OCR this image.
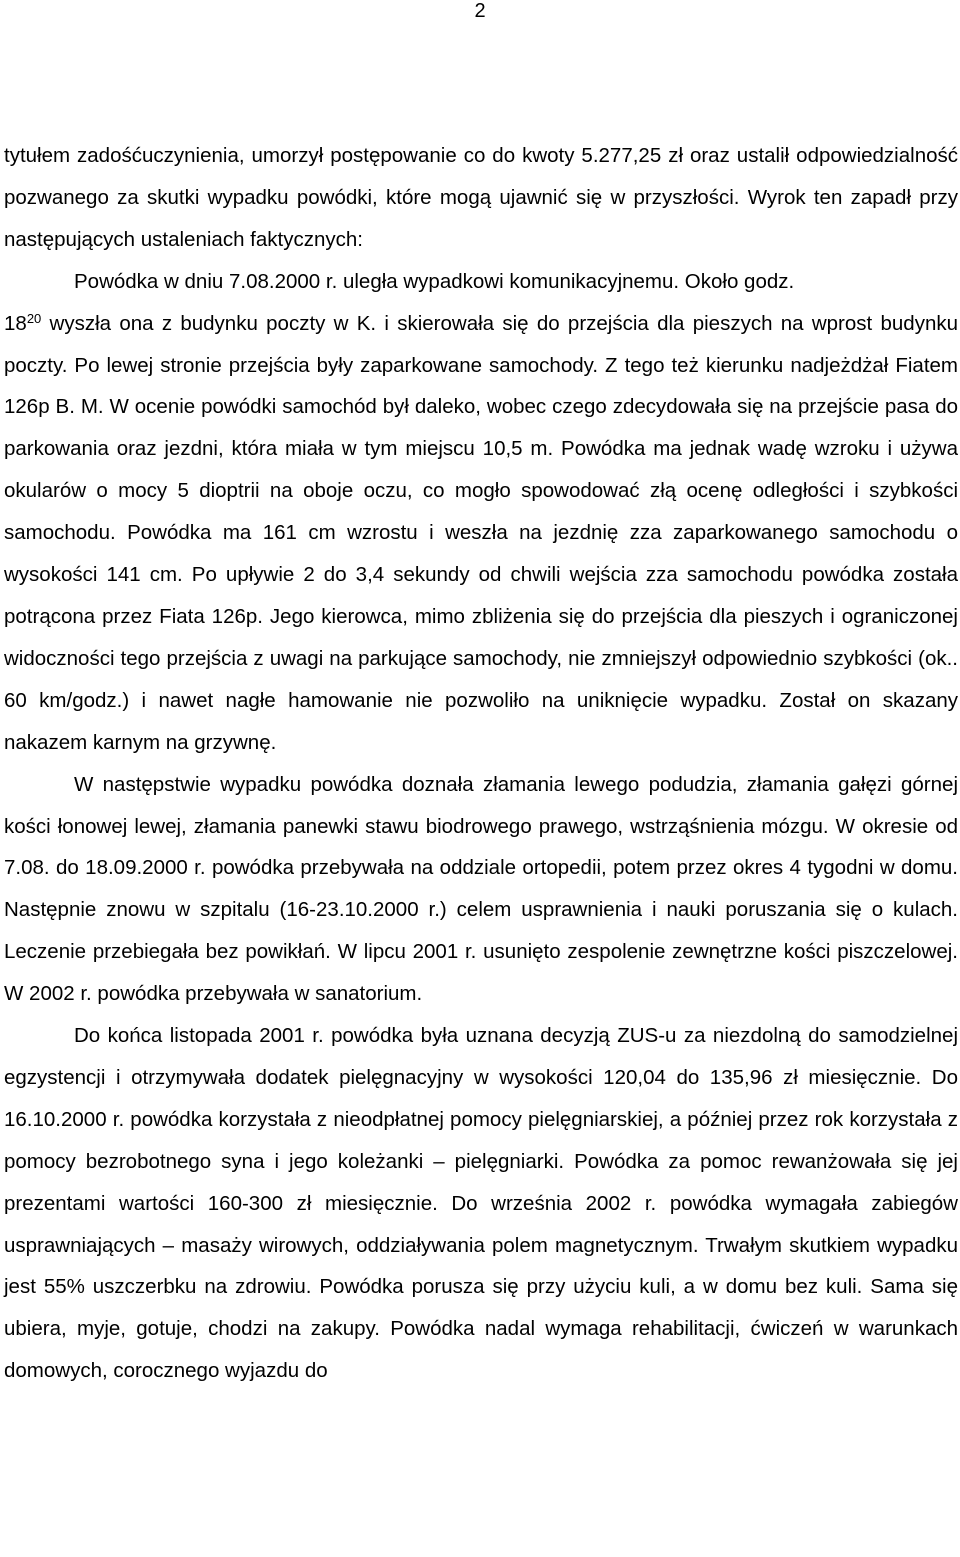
2

tytułem zadośćuczynienia, umorzył postępowanie co do kwoty 5.277,25 zł oraz ustalił odpowiedzialność pozwanego za skutki wypadku powódki, które mogą ujawnić się w przyszłości. Wyrok ten zapadł przy następujących ustaleniach faktycznych:

Powódka w dniu 7.08.2000 r. uległa wypadkowi komunikacyjnemu. Około godz.

$18^{20}$ wyszła ona z budynku poczty w K. i skierowała się do przejścia dla pieszych na wprost budynku poczty. Po lewej stronie przejścia były zaparkowane samochody. Z tego też kierunku nadjeżdżał Fiatem 126p B. M. W ocenie powódki samochód był daleko, wobec czego zdecydowała się na przejście pasa do parkowania oraz jezdni, która miała w tym miejscu 10,5 m. Powódka ma jednak wadę wzroku i używa okularów o mocy 5 dioptrii na oboje oczu, co mogło spowodować złą ocenę odległości i szybkości samochodu. Powódka ma 161 cm wzrostu i weszła na jezdnię zza zaparkowanego samochodu o wysokości 141 cm. Po upływie 2 do 3,4 sekundy od chwili wejścia zza samochodu powódka została potrącona przez Fiata 126p. Jego kierowca, mimo zbliżenia się do przejścia dla pieszych i ograniczonej widoczności tego przejścia z uwagi na parkujące samochody, nie zmniejszył odpowiednio szybkości (ok.. 60 km/godz.) i nawet nagłe hamowanie nie pozwoliło na uniknięcie wypadku. Został on skazany nakazem karnym na grzywnę.

W następstwie wypadku powódka doznała złamania lewego podudzia, złamania gałęzi górnej kości łonowej lewej, złamania panewki stawu biodrowego prawego, wstrząśnienia mózgu. W okresie od 7.08. do 18.09.2000 r. powódka przebywała na oddziale ortopedii, potem przez okres 4 tygodni w domu. Następnie znowu w szpitalu (16-23.10.2000 r.) celem usprawnienia i nauki poruszania się o kulach. Leczenie przebiegała bez powikłań. W lipcu 2001 r. usunięto zespolenie zewnętrzne kości piszczelowej. W 2002 r. powódka przebywała w sanatorium.

Do końca listopada 2001 r. powódka była uznana decyzją ZUS-u za niezdolną do samodzielnej egzystencji i otrzymywała dodatek pielęgnacyjny w wysokości 120,04 do 135,96 zł miesięcznie. Do 16.10.2000 r. powódka korzystała z nieodpłatnej pomocy pielęgniarskiej, a później przez rok korzystała z pomocy bezrobotnego syna i jego koleżanki – pielęgniarki. Powódka za pomoc rewanżowała się jej prezentami wartości 160-300 zł miesięcznie. Do września 2002 r. powódka wymagała zabiegów usprawniających – masaży wirowych, oddziaływania polem magnetycznym. Trwałym skutkiem wypadku jest 55% uszczerbku na zdrowiu. Powódka porusza się przy użyciu kuli, a w domu bez kuli. Sama się ubiera, myje, gotuje, chodzi na zakupy. Powódka nadal wymaga rehabilitacji, ćwiczeń w warunkach domowych, corocznego wyjazdu do
